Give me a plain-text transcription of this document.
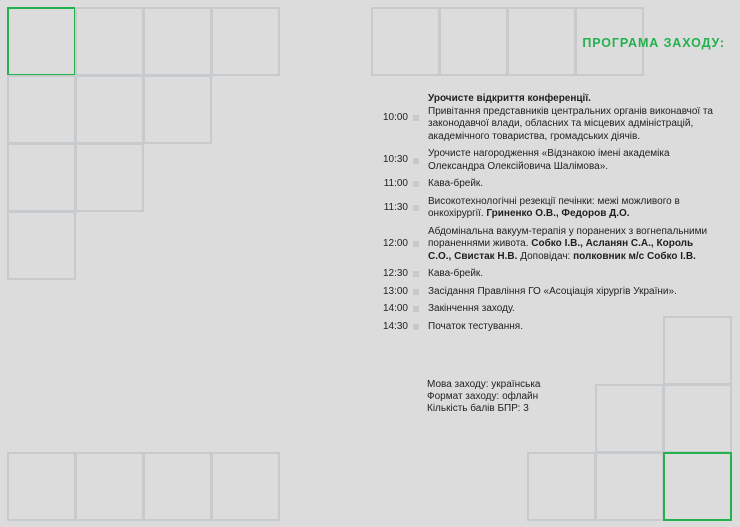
ПРОГРАМА ЗАХОДУ:
10:00
Урочисте відкриття конференції.
Привітання представників центральних органів виконавчої та законодавчої влади, обласних та місцевих адміністрацій, академічного товариства, громадських діячів.
10:30
Урочисте нагородження «Відзнакою імені академіка Олександра Олексійовича Шалімова».
11:00 Кава-брейк.
11:30
Високотехнологічні резекції печінки: межі можливого в онкохірургії. Гриненко О.В., Федоров Д.О.
12:00
Абдомінальна вакуум-терапія у поранених з вогнепальними пораненнями живота. Собко І.В., Асланян С.А., Король С.О., Свистак Н.В. Доповідач: полковник м/с Собко І.В.
12:30 Кава-брейк.
13:00 Засідання Правління ГО «Асоціація хірургів України».
14:00 Закінчення заходу.
14:30 Початок тестування.
Мова заходу: українська
Формат заходу: офлайн
Кількість балів БПР: 3
